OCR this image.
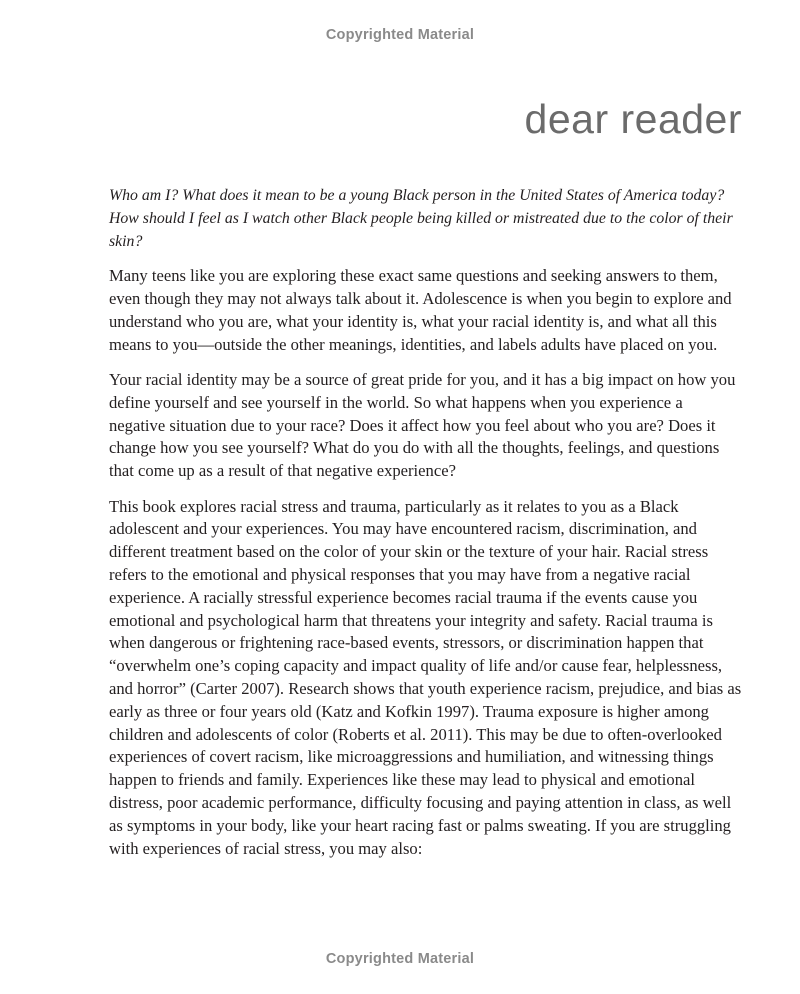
Copyrighted Material
dear reader

Who am I? What does it mean to be a young Black person in the United States of America today? How should I feel as I watch other Black people being killed or mistreated due to the color of their skin?

Many teens like you are exploring these exact same questions and seeking answers to them, even though they may not always talk about it. Adolescence is when you begin to explore and understand who you are, what your identity is, what your racial identity is, and what all this means to you—outside the other meanings, identities, and labels adults have placed on you.

Your racial identity may be a source of great pride for you, and it has a big impact on how you define yourself and see yourself in the world. So what happens when you experience a negative situation due to your race? Does it affect how you feel about who you are? Does it change how you see yourself? What do you do with all the thoughts, feelings, and questions that come up as a result of that negative experience?

This book explores racial stress and trauma, particularly as it relates to you as a Black adolescent and your experiences. You may have encountered racism, discrimination, and different treatment based on the color of your skin or the texture of your hair. Racial stress refers to the emotional and physical responses that you may have from a negative racial experience. A racially stressful experience becomes racial trauma if the events cause you emotional and psychological harm that threatens your integrity and safety. Racial trauma is when dangerous or frightening race-based events, stressors, or discrimination happen that “overwhelm one’s coping capacity and impact quality of life and/or cause fear, helplessness, and horror” (Carter 2007). Research shows that youth experience racism, prejudice, and bias as early as three or four years old (Katz and Kofkin 1997). Trauma exposure is higher among children and adolescents of color (Roberts et al. 2011). This may be due to often-overlooked experiences of covert racism, like microaggressions and humiliation, and witnessing things happen to friends and family. Experiences like these may lead to physical and emotional distress, poor academic performance, difficulty focusing and paying attention in class, as well as symptoms in your body, like your heart racing fast or palms sweating. If you are struggling with experiences of racial stress, you may also:

Copyrighted Material
